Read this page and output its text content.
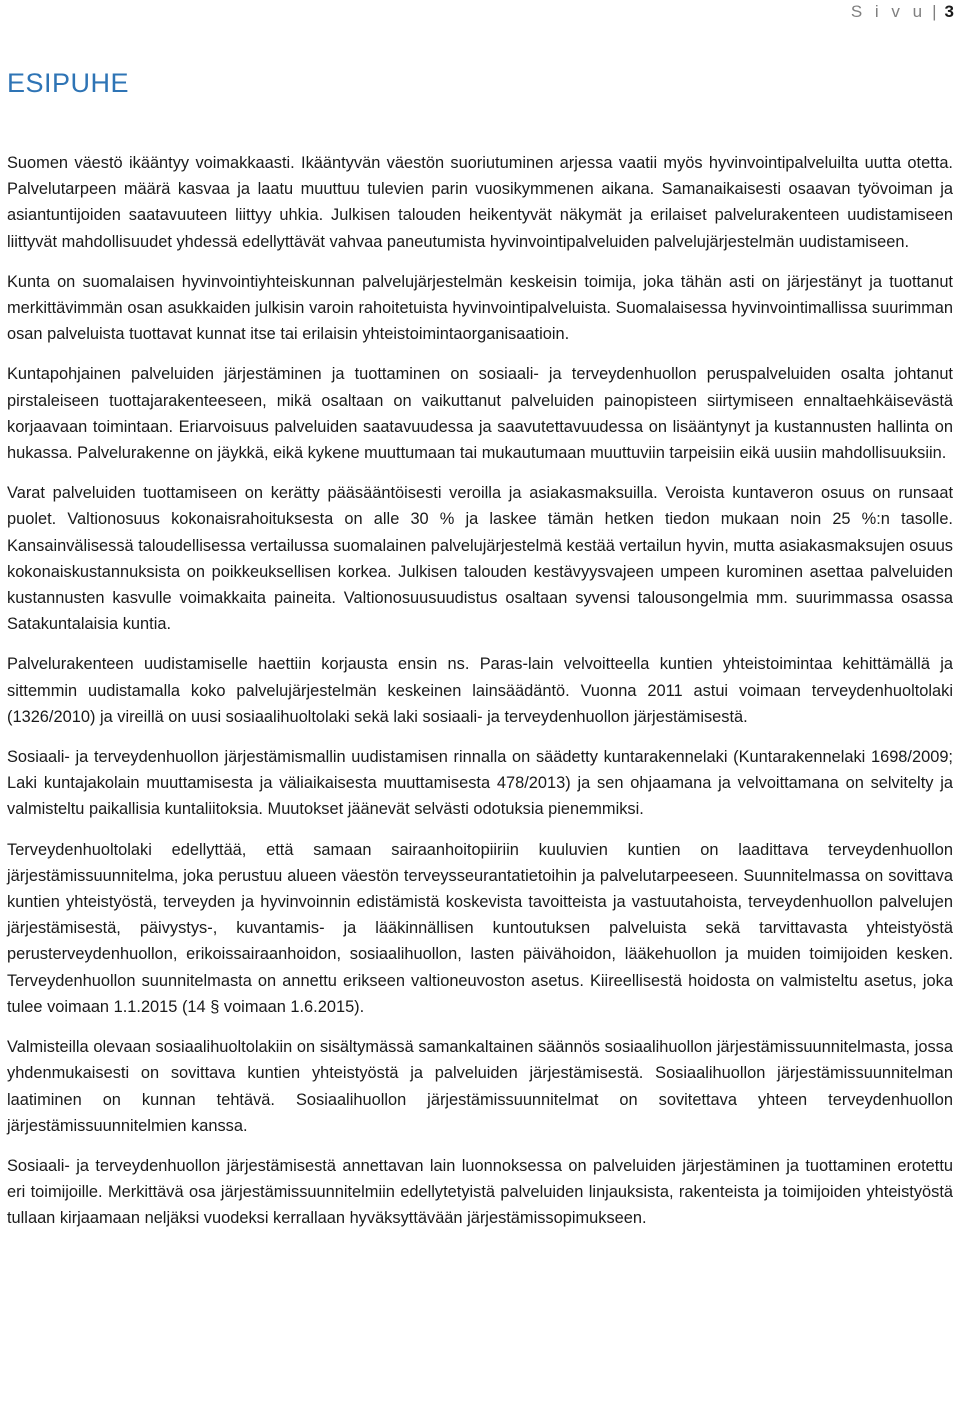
S i v u | 3
ESIPUHE

Suomen väestö ikääntyy voimakkaasti. Ikääntyvän väestön suoriutuminen arjessa vaatii myös hyvinvointipalveluilta uutta otetta. Palvelutarpeen määrä kasvaa ja laatu muuttuu tulevien parin vuosikymmenen aikana. Samanaikaisesti osaavan työvoiman ja asiantuntijoiden saatavuuteen liittyy uhkia. Julkisen talouden heikentyvät näkymät ja erilaiset palvelurakenteen uudistamiseen liittyvät mahdollisuudet yhdessä edellyttävät vahvaa paneutumista hyvinvointipalveluiden palvelujärjestelmän uudistamiseen.

Kunta on suomalaisen hyvinvointiyhteiskunnan palvelujärjestelmän keskeisin toimija, joka tähän asti on järjestänyt ja tuottanut merkittävimmän osan asukkaiden julkisin varoin rahoitetuista hyvinvointipalveluista. Suomalaisessa hyvinvointimallissa suurimman osan palveluista tuottavat kunnat itse tai erilaisin yhteistoimintaorganisaatioin.

Kuntapohjainen palveluiden järjestäminen ja tuottaminen on sosiaali- ja terveydenhuollon peruspalveluiden osalta johtanut pirstaleiseen tuottajarakenteeseen, mikä osaltaan on vaikuttanut palveluiden painopisteen siirtymiseen ennaltaehkäisevästä korjaavaan toimintaan. Eriarvoisuus palveluiden saatavuudessa ja saavutettavuudessa on lisääntynyt ja kustannusten hallinta on hukassa. Palvelurakenne on jäykkä, eikä kykene muuttumaan tai mukautumaan muuttuviin tarpeisiin eikä uusiin mahdollisuuksiin.

Varat palveluiden tuottamiseen on kerätty pääsääntöisesti veroilla ja asiakasmaksuilla. Veroista kuntaveron osuus on runsaat puolet. Valtionosuus kokonaisrahoituksesta on alle 30 % ja laskee tämän hetken tiedon mukaan noin 25 %:n tasolle. Kansainvälisessä taloudellisessa vertailussa suomalainen palvelujärjestelmä kestää vertailun hyvin, mutta asiakasmaksujen osuus kokonaiskustannuksista on poikkeuksellisen korkea. Julkisen talouden kestävyysvajeen umpeen kurominen asettaa palveluiden kustannusten kasvulle voimakkaita paineita. Valtionosuusuudistus osaltaan syvensi talousongelmia mm. suurimmassa osassa Satakuntalaisia kuntia.

Palvelurakenteen uudistamiselle haettiin korjausta ensin ns. Paras-lain velvoitteella kuntien yhteistoimintaa kehittämällä ja sittemmin uudistamalla koko palvelujärjestelmän keskeinen lainsäädäntö. Vuonna 2011 astui voimaan terveydenhuoltolaki (1326/2010) ja vireillä on uusi sosiaalihuoltolaki sekä laki sosiaali- ja terveydenhuollon järjestämisestä.

Sosiaali- ja terveydenhuollon järjestämismallin uudistamisen rinnalla on säädetty kuntarakennelaki (Kuntarakennelaki 1698/2009; Laki kuntajakolain muuttamisesta ja väliaikaisesta muuttamisesta 478/2013) ja sen ohjaamana ja velvoittamana on selvitelty ja valmisteltu paikallisia kuntaliitoksia. Muutokset jäänevät selvästi odotuksia pienemmiksi.

Terveydenhuoltolaki edellyttää, että samaan sairaanhoitopiiriin kuuluvien kuntien on laadittava terveydenhuollon järjestämissuunnitelma, joka perustuu alueen väestön terveysseurantatietoihin ja palvelutarpeeseen. Suunnitelmassa on sovittava kuntien yhteistyöstä, terveyden ja hyvinvoinnin edistämistä koskevista tavoitteista ja vastuutahoista, terveydenhuollon palvelujen järjestämisestä, päivystys-, kuvantamis- ja lääkinnällisen kuntoutuksen palveluista sekä tarvittavasta yhteistyöstä perusterveydenhuollon, erikoissairaanhoidon, sosiaalihuollon, lasten päivähoidon, lääkehuollon ja muiden toimijoiden kesken. Terveydenhuollon suunnitelmasta on annettu erikseen valtioneuvoston asetus. Kiireellisestä hoidosta on valmisteltu asetus, joka tulee voimaan 1.1.2015 (14 § voimaan 1.6.2015).

Valmisteilla olevaan sosiaalihuoltolakiin on sisältymässä samankaltainen säännös sosiaalihuollon järjestämissuunnitelmasta, jossa yhdenmukaisesti on sovittava kuntien yhteistyöstä ja palveluiden järjestämisestä. Sosiaalihuollon järjestämissuunnitelman laatiminen on kunnan tehtävä. Sosiaalihuollon järjestämissuunnitelmat on sovitettava yhteen terveydenhuollon järjestämissuunnitelmien kanssa.

Sosiaali- ja terveydenhuollon järjestämisestä annettavan lain luonnoksessa on palveluiden järjestäminen ja tuottaminen erotettu eri toimijoille. Merkittävä osa järjestämissuunnitelmiin edellytetyistä palveluiden linjauksista, rakenteista ja toimijoiden yhteistyöstä tullaan kirjaamaan neljäksi vuodeksi kerrallaan hyväksyttävään järjestämissopimukseen.
